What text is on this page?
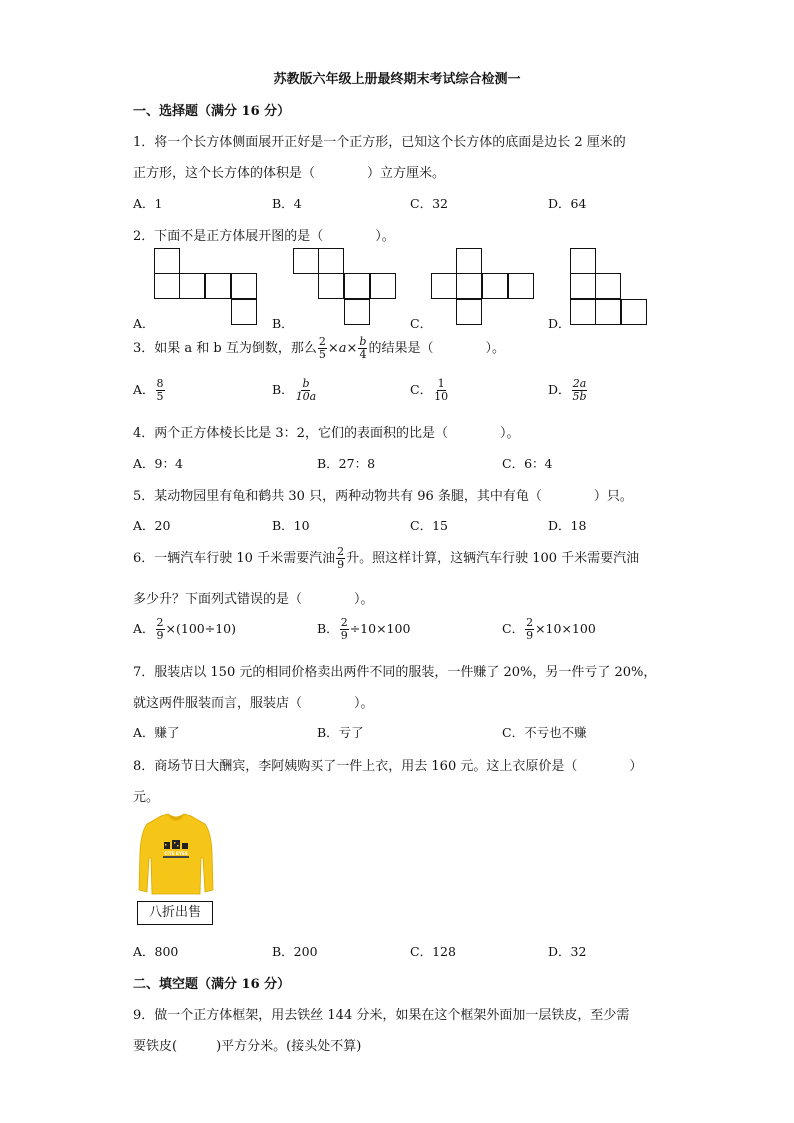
苏教版六年级上册最终期末考试综合检测一
一、选择题（满分 16 分）
1．将一个长方体侧面展开正好是一个正方形，已知这个长方体的底面是边长 2 厘米的
正方形，这个长方体的体积是（　　　　）立方厘米。
A．1	B．4	C．32	D．64
2．下面不是正方体展开图的是（　　　　）。
A．	B．	C．	D．
3．如果 a 和 b 互为倒数，那么 $\frac{2}{5} \times a\times \frac{b}{4}$ 的结果是（　　　　）。
A． $\frac{8}{5}$	B． $\frac{b}{10a}$	C． $\frac{1}{10}$	D． $\frac{2a}{5b}$
4．两个正方体棱长比是 3：2，它们的表面积的比是（　　　　）。
A．9：4	B．27：8	C．6：4
5．某动物园里有龟和鹤共 30 只，两种动物共有 96 条腿，其中有龟（　　　　）只。
A．20	B．10	C．15	D．18
6．一辆汽车行驶 10 千米需要汽油 $\frac{2}{9}$ 升。照这样计算，这辆汽车行驶 100 千米需要汽油
多少升？下面列式错误的是（　　　　）。
A． $\frac{2}{9} \times(100\div 10)$	B． $\frac{2}{9} \div 10\times 100$	C． $\frac{2}{9} \times 10\times 100$
7．服装店以 150 元的相同价格卖出两件不同的服装，一件赚了 20%，另一件亏了 20%，
就这两件服装而言，服装店（　　　　）。
A．赚了	B．亏了	C．不亏也不赚
8．商场节日大酬宾，李阿姨购买了一件上衣，用去 160 元。这上衣原价是（　　　　）
元。
CITE EYES
八折出售
A．800	B．200	C．128	D．32
二、填空题（满分 16 分）
9．做一个正方体框架，用去铁丝 144 分米，如果在这个框架外面加一层铁皮，至少需
要铁皮(　　　)平方分米。(接头处不算)
